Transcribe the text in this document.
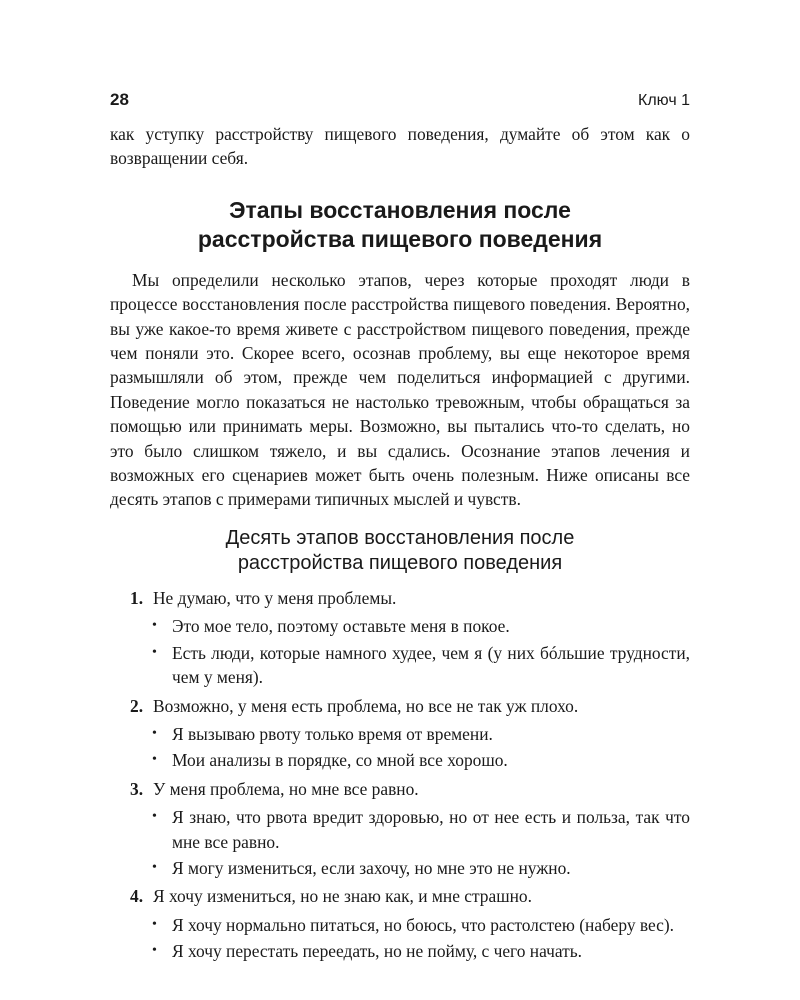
28	Ключ 1

как уступку расстройству пищевого поведения, думайте об этом как о возвращении себя.

Этапы восстановления после расстройства пищевого поведения

Мы определили несколько этапов, через которые проходят люди в процессе восстановления после расстройства пищевого поведения. Вероятно, вы уже какое-то время живете с расстройством пищевого поведения, прежде чем поняли это. Скорее всего, осознав проблему, вы еще некоторое время размышляли об этом, прежде чем поделиться информацией с другими. Поведение могло показаться не настолько тревожным, чтобы обращаться за помощью или принимать меры. Возможно, вы пытались что-то сделать, но это было слишком тяжело, и вы сдались. Осознание этапов лечения и возможных его сценариев может быть очень полезным. Ниже описаны все десять этапов с примерами типичных мыслей и чувств.

Десять этапов восстановления после расстройства пищевого поведения
1. Не думаю, что у меня проблемы.
• Это мое тело, поэтому оставьте меня в покое.
• Есть люди, которые намного худее, чем я (у них бóльшие трудности, чем у меня).
2. Возможно, у меня есть проблема, но все не так уж плохо.
• Я вызываю рвоту только время от времени.
• Мои анализы в порядке, со мной все хорошо.
3. У меня проблема, но мне все равно.
• Я знаю, что рвота вредит здоровью, но от нее есть и польза, так что мне все равно.
• Я могу измениться, если захочу, но мне это не нужно.
4. Я хочу измениться, но не знаю как, и мне страшно.
• Я хочу нормально питаться, но боюсь, что растолстею (наберу вес).
• Я хочу перестать переедать, но не пойму, с чего начать.
